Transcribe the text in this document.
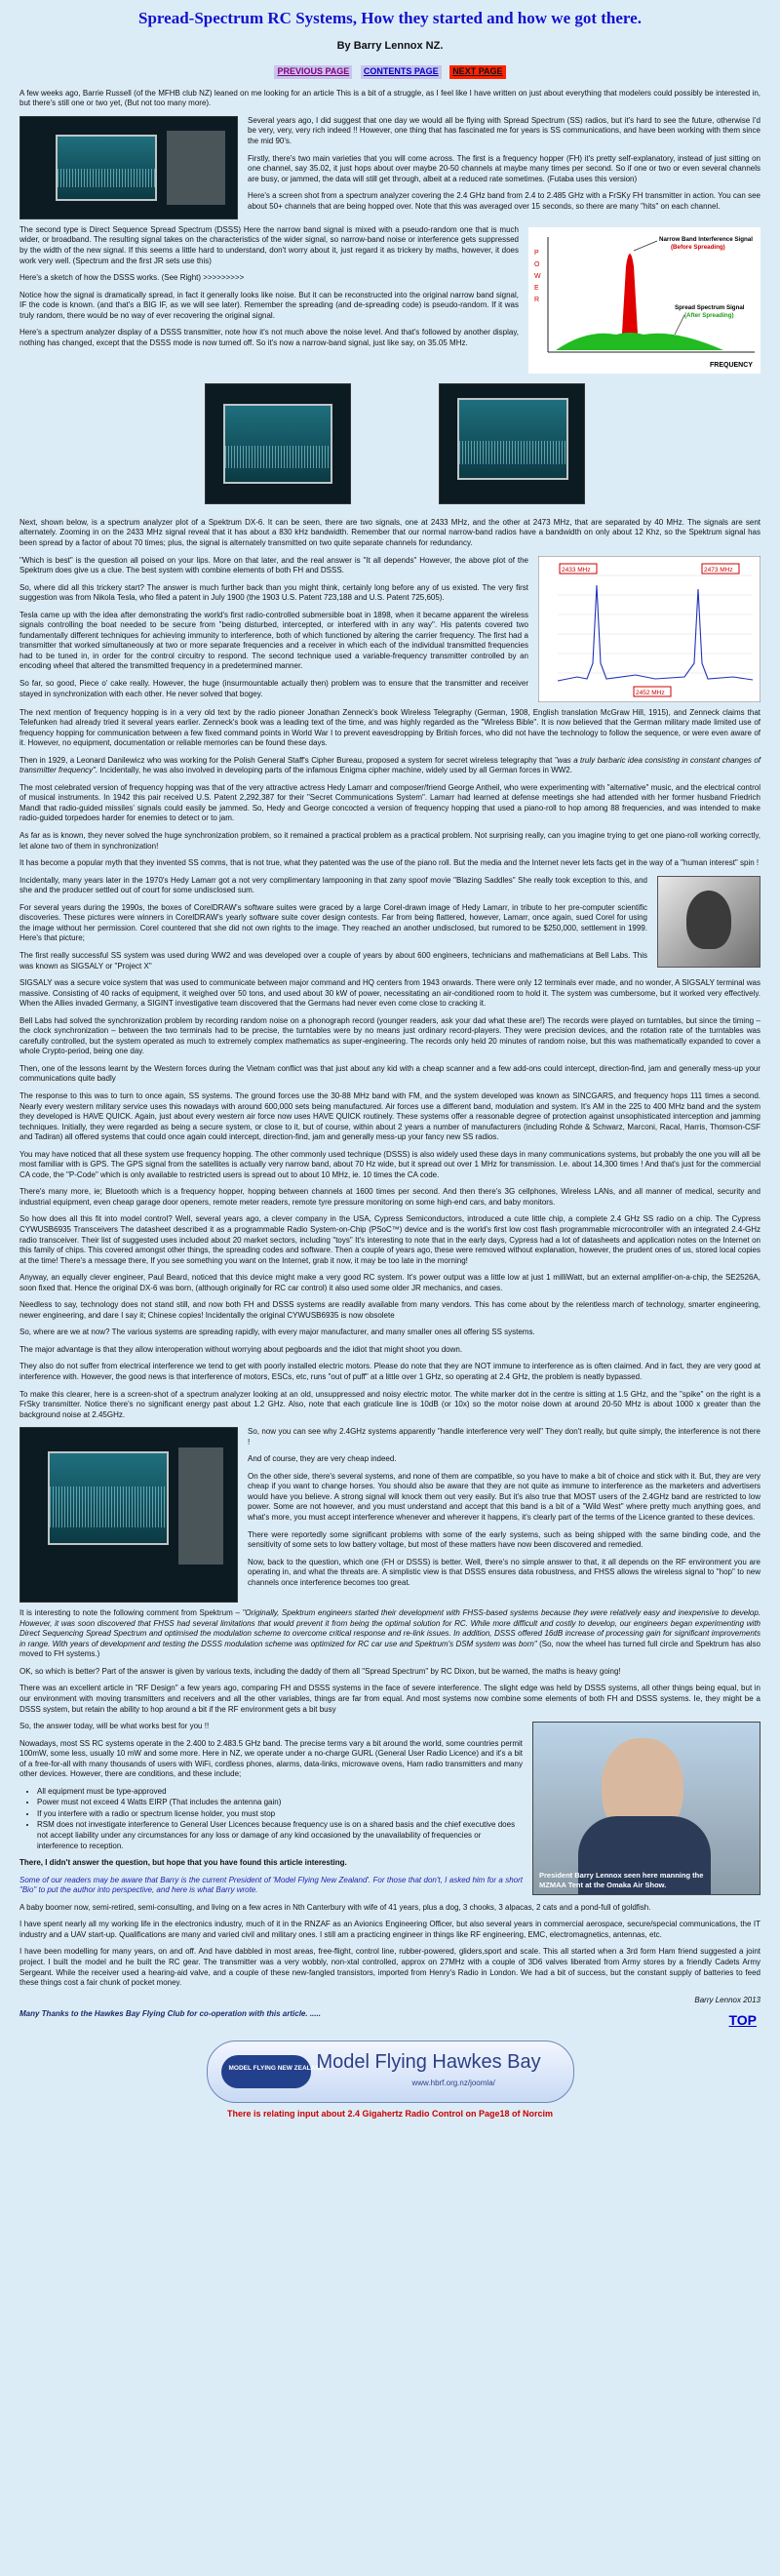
Spread-Spectrum RC Systems, How they started and how we got there.
By Barry Lennox NZ.
PREVIOUS PAGE CONTENTS PAGE NEXT PAGE

A few weeks ago, Barrie Russell (of the MFHB club NZ) leaned on me looking for an article This is a bit of a struggle, as I feel like I have written on just about everything that modelers could possibly be interested in, but there's still one or two yet, (But not too many more).

Several years ago, I did suggest that one day we would all be flying with Spread Spectrum (SS) radios, but it's hard to see the future, otherwise I'd be very, very, very rich indeed !! However, one thing that has fascinated me for years is SS communications, and have been working with them since the mid 90's.

Firstly, there's two main varieties that you will come across. The first is a frequency hopper (FH) it's pretty self-explanatory, instead of just sitting on one channel, say 35.02, it just hops about over maybe 20-50 channels at maybe many times per second. So if one or two or even several channels are busy, or jammed, the data will still get through, albeit at a reduced rate sometimes. (Futaba uses this version)

Here's a screen shot from a spectrum analyzer covering the 2.4 GHz band from 2.4 to 2.485 GHz with a FrSKy FH transmitter in action. You can see about 50+ channels that are being hopped over. Note that this was averaged over 15 seconds, so there are many "hits" on each channel.

P
O
W
E
R
Narrow Band Interference Signal
(Before Spreading)
Spread Spectrum Signal
(After Spreading)
FREQUENCY

The second type is Direct Sequence Spread Spectrum (DSSS) Here the narrow band signal is mixed with a pseudo-random one that is much wider, or broadband. The resulting signal takes on the characteristics of the wider signal, so narrow-band noise or interference gets suppressed by the width of the new signal. If this seems a little hard to understand, don't worry about it, just regard it as trickery by maths, however, it does work very well. (Spectrum and the first JR sets use this)

Here's a sketch of how the DSSS works. (See Right) >>>>>>>>>

Notice how the signal is dramatically spread, in fact it generally looks like noise. But it can be reconstructed into the original narrow band signal, IF the code is known. (and that's a BIG IF, as we will see later). Remember the spreading (and de-spreading code) is pseudo-random. If it was truly random, there would be no way of ever recovering the original signal.

Here's a spectrum analyzer display of a DSSS transmitter, note how it's not much above the noise level. And that's followed by another display, nothing has changed, except that the DSSS mode is now turned off. So it's now a narrow-band signal, just like say, on 35.05 MHz.

Next, shown below, is a spectrum analyzer plot of a Spektrum DX-6. It can be seen, there are two signals, one at 2433 MHz, and the other at 2473 MHz, that are separated by 40 MHz. The signals are sent alternately. Zooming in on the 2433 MHz signal reveal that it has about a 830 kHz bandwidth. Remember that our normal narrow-band radios have a bandwidth on only about 12 Khz, so the Spektrum signal has been spread by a factor of about 70 times; plus, the signal is alternately transmitted on two quite separate channels for redundancy.

2433 MHz	2473 MHz
2452 MHz

"Which is best" is the question all poised on your lips. More on that later, and the real answer is "It all depends" However, the above plot of the Spektrum does give us a clue. The best system with combine elements of both FH and DSSS.

So, where did all this trickery start? The answer is much further back than you might think, certainly long before any of us existed. The very first suggestion was from Nikola Tesla, who filed a patent in July 1900 (the 1903 U.S. Patent 723,188 and U.S. Patent 725,605).

Tesla came up with the idea after demonstrating the world's first radio-controlled submersible boat in 1898, when it became apparent the wireless signals controlling the boat needed to be secure from "being disturbed, intercepted, or interfered with in any way". His patents covered two fundamentally different techniques for achieving immunity to interference, both of which functioned by altering the carrier frequency. The first had a transmitter that worked simultaneously at two or more separate frequencies and a receiver in which each of the individual transmitted frequencies had to be tuned in, in order for the control circuitry to respond. The second technique used a variable-frequency transmitter controlled by an encoding wheel that altered the transmitted frequency in a predetermined manner.

So far, so good, Piece o' cake really. However, the huge (insurmountable actually then) problem was to ensure that the transmitter and receiver stayed in synchronization with each other. He never solved that bogey.

The next mention of frequency hopping is in a very old text by the radio pioneer Jonathan Zenneck's book Wireless Telegraphy (German, 1908, English translation McGraw Hill, 1915), and Zenneck claims that Telefunken had already tried it several years earlier. Zenneck's book was a leading text of the time, and was highly regarded as the "Wireless Bible". It is now believed that the German military made limited use of frequency hopping for communication between a few fixed command points in World War I to prevent eavesdropping by British forces, who did not have the technology to follow the sequence, or were even aware of it. However, no equipment, documentation or reliable memories can be found these days.

Then in 1929, a Leonard Danilewicz who was working for the Polish General Staff's Cipher Bureau, proposed a system for secret wireless telegraphy that "was a truly barbaric idea consisting in constant changes of transmitter frequency". Incidentally, he was also involved in developing parts of the infamous Enigma cipher machine, widely used by all German forces in WW2.

The most celebrated version of frequency hopping was that of the very attractive actress Hedy Lamarr and composer/friend George Antheil, who were experimenting with "alternative" music, and the electrical control of musical instruments. In 1942 this pair received U.S. Patent 2,292,387 for their "Secret Communications System". Lamarr had learned at defense meetings she had attended with her former husband Friedrich Mandl that radio-guided missiles' signals could easily be jammed. So, Hedy and George concocted a version of frequency hopping that used a piano-roll to hop among 88 frequencies, and was intended to make radio-guided torpedoes harder for enemies to detect or to jam.

As far as is known, they never solved the huge synchronization problem, so it remained a practical problem as a practical problem. Not surprising really, can you imagine trying to get one piano-roll working correctly, let alone two of them in synchronization!

It has become a popular myth that they invented SS comms, that is not true, what they patented was the use of the piano roll. But the media and the Internet never lets facts get in the way of a "human interest" spin !

Incidentally, many years later in the 1970's Hedy Lamarr got a not very complimentary lampooning in that zany spoof movie "Blazing Saddles" She really took exception to this, and she and the producer settled out of court for some undisclosed sum.

For several years during the 1990s, the boxes of CorelDRAW's software suites were graced by a large Corel-drawn image of Hedy Lamarr, in tribute to her pre-computer scientific discoveries. These pictures were winners in CorelDRAW's yearly software suite cover design contests. Far from being flattered, however, Lamarr, once again, sued Corel for using the image without her permission. Corel countered that she did not own rights to the image. They reached an another undisclosed, but rumored to be $250,000, settlement in 1999. Here's that picture;

The first really successful SS system was used during WW2 and was developed over a couple of years by about 600 engineers, technicians and mathematicians at Bell Labs. This was known as SIGSALY or "Project X"

SIGSALY was a secure voice system that was used to communicate between major command and HQ centers from 1943 onwards. There were only 12 terminals ever made, and no wonder, A SIGSALY terminal was massive. Consisting of 40 racks of equipment, it weighed over 50 tons, and used about 30 kW of power, necessitating an air-conditioned room to hold it. The system was cumbersome, but it worked very effectively. When the Allies invaded Germany, a SIGINT investigative team discovered that the Germans had never even come close to cracking it.

Bell Labs had solved the synchronization problem by recording random noise on a phonograph record (younger readers, ask your dad what these are!) The records were played on turntables, but since the timing – the clock synchronization – between the two terminals had to be precise, the turntables were by no means just ordinary record-players. They were precision devices, and the rotation rate of the turntables was carefully controlled, but the system operated as much to extremely complex mathematics as super-engineering. The records only held 20 minutes of random noise, but this was mathematically expanded to cover a whole Crypto-period, being one day.

Then, one of the lessons learnt by the Western forces during the Vietnam conflict was that just about any kid with a cheap scanner and a few add-ons could intercept, direction-find, jam and generally mess-up your communications quite badly

The response to this was to turn to once again, SS systems. The ground forces use the 30-88 MHz band with FM, and the system developed was known as SINCGARS, and frequency hops 111 times a second. Nearly every western military service uses this nowadays with around 600,000 sets being manufactured. Air forces use a different band, modulation and system. It's AM in the 225 to 400 MHz band and the system they developed is HAVE QUICK. Again, just about every western air force now uses HAVE QUICK routinely. These systems offer a reasonable degree of protection against unsophisticated interception and jamming techniques. Initially, they were regarded as being a secure system, or close to it, but of course, within about 2 years a number of manufacturers (including Rohde & Schwarz, Marconi, Racal, Harris, Thomson-CSF and Tadiran) all offered systems that could once again could intercept, direction-find, jam and generally mess-up your fancy new SS radios.

You may have noticed that all these system use frequency hopping. The other commonly used technique (DSSS) is also widely used these days in many communications systems, but probably the one you will all be most familiar with is GPS. The GPS signal from the satellites is actually very narrow band, about 70 Hz wide, but it spread out over 1 MHz for transmission. I.e. about 14,300 times ! And that's just for the commercial CA code, the "P-Code" which is only available to restricted users is spread out to about 10 MHz, ie. 10 times the CA code.

There's many more, ie; Bluetooth which is a frequency hopper, hopping between channels at 1600 times per second. And then there's 3G cellphones, Wireless LANs, and all manner of medical, security and industrial equipment, even cheap garage door openers, remote meter readers, remote tyre pressure monitoring on some high-end cars, and baby monitors.

So how does all this fit into model control? Well, several years ago, a clever company in the USA, Cypress Semiconductors, introduced a cute little chip, a complete 2.4 GHz SS radio on a chip. The Cypress CYWUSB6935 Transceivers The datasheet described it as a programmable Radio System-on-Chip (PSoC™) device and is the world's first low cost flash programmable microcontroller with an integrated 2.4-GHz radio transceiver. Their list of suggested uses included about 20 market sectors, including "toys" It's interesting to note that in the early days, Cypress had a lot of datasheets and application notes on the Internet on this family of chips. This covered amongst other things, the spreading codes and software. Then a couple of years ago, these were removed without explanation, however, the prudent ones of us, stored local copies at the time! There's a message there, If you see something you want on the Internet, grab it now, it may be too late in the morning!

Anyway, an equally clever engineer, Paul Beard, noticed that this device might make a very good RC system. It's power output was a little low at just 1 milliWatt, but an external amplifier-on-a-chip, the SE2526A, soon fixed that. Hence the original DX-6 was born, (although originally for RC car control) it also used some older JR mechanics, and cases.

Needless to say, technology does not stand still, and now both FH and DSSS systems are readily available from many vendors. This has come about by the relentless march of technology, smarter engineering, newer engineering, and dare I say it; Chinese copies! Incidentally the original CYWUSB6935 is now obsolete

So, where are we at now? The various systems are spreading rapidly, with every major manufacturer, and many smaller ones all offering SS systems.

The major advantage is that they allow interoperation without worrying about pegboards and the idiot that might shoot you down.

They also do not suffer from electrical interference we tend to get with poorly installed electric motors. Please do note that they are NOT immune to interference as is often claimed. And in fact, they are very good at interference with. However, the good news is that interference of motors, ESCs, etc, runs "out of puff" at a little over 1 GHz, so operating at 2.4 GHz, the problem is neatly bypassed.

To make this clearer, here is a screen-shot of a spectrum analyzer looking at an old, unsuppressed and noisy electric motor. The white marker dot in the centre is sitting at 1.5 GHz, and the "spike" on the right is a FrSky transmitter. Notice there's no significant energy past about 1.2 GHz. Also, note that each graticule line is 10dB (or 10x) so the motor noise down at around 20-50 MHz is about 1000 x greater than the background noise at 2.45GHz.

So, now you can see why 2.4GHz systems apparently "handle interference very well" They don't really, but quite simply, the interference is not there !

And of course, they are very cheap indeed.

On the other side, there's several systems, and none of them are compatible, so you have to make a bit of choice and stick with it. But, they are very cheap if you want to change horses. You should also be aware that they are not quite as immune to interference as the marketers and advertisers would have you believe. A strong signal will knock them out very easily. But it's also true that MOST users of the 2.4GHz band are restricted to low power. Some are not however, and you must understand and accept that this band is a bit of a "Wild West" where pretty much anything goes, and what's more, you must accept interference whenever and wherever it happens, it's clearly part of the terms of the Licence granted to these devices.

There were reportedly some significant problems with some of the early systems, such as being shipped with the same binding code, and the sensitivity of some sets to low battery voltage, but most of these matters have now been discovered and remedied.

Now, back to the question, which one (FH or DSSS) is better. Well, there's no simple answer to that, it all depends on the RF environment you are operating in, and what the threats are. A simplistic view is that DSSS ensures data robustness, and FHSS allows the wireless signal to "hop" to new channels once interference becomes too great.

It is interesting to note the following comment from Spektrum – "Originally, Spektrum engineers started their development with FHSS-based systems because they were relatively easy and inexpensive to develop. However, it was soon discovered that FHSS had several limitations that would prevent it from being the optimal solution for RC. While more difficult and costly to develop, our engineers began experimenting with Direct Sequencing Spread Spectrum and optimised the modulation scheme to overcome critical response and re-link issues. In addition, DSSS offered 16dB increase of processing gain for significant improvements in range. With years of development and testing the DSSS modulation scheme was optimized for RC car use and Spektrum's DSM system was born" (So, now the wheel has turned full circle and Spektrum has also moved to FH systems.)

OK, so which is better? Part of the answer is given by various texts, including the daddy of them all "Spread Spectrum" by RC Dixon, but be warned, the maths is heavy going!

There was an excellent article in "RF Design" a few years ago, comparing FH and DSSS systems in the face of severe interference. The slight edge was held by DSSS systems, all other things being equal, but in our environment with moving transmitters and receivers and all the other variables, things are far from equal. And most systems now combine some elements of both FH and DSSS systems. Ie, they might be a DSSS system, but retain the ability to hop around a bit if the RF environment gets a bit busy

President Barry Lennox seen here manning the
MZMAA Tent at the Omaka Air Show.

So, the answer today, will be what works best for you !!

Nowadays, most SS RC systems operate in the 2.400 to 2.483.5 GHz band. The precise terms vary a bit around the world, some countries permit 100mW, some less, usually 10 mW and some more. Here in NZ, we operate under a no-charge GURL (General User Radio Licence) and it's a bit of a free-for-all with many thousands of users with WiFi, cordless phones, alarms, data-links, microwave ovens, Ham radio transmitters and many other devices. However, there are conditions, and these include;

• All equipment must be type-approved
• Power must not exceed 4 Watts EIRP (That includes the antenna gain)
• If you interfere with a radio or spectrum license holder, you must stop
• RSM does not investigate interference to General User Licences because frequency use is on a shared basis and the chief executive does not accept liability under any circumstances for any loss or damage of any kind occasioned by the unavailability of frequencies or interference to reception.

There, I didn't answer the question, but hope that you have found this article interesting.

Some of our readers may be aware that Barry is the current President of 'Model Flying New Zealand'. For those that don't, I asked him for a short "Bio" to put the author into perspective, and here is what Barry wrote.

A baby boomer now, semi-retired, semi-consulting, and living on a few acres in Nth Canterbury with wife of 41 years, plus a dog, 3 chooks, 3 alpacas, 2 cats and a pond-full of goldfish.

I have spent nearly all my working life in the electronics industry, much of it in the RNZAF as an Avionics Engineering Officer, but also several years in commercial aerospace, secure/special communications, the IT industry and a UAV start-up. Qualifications are many and varied civil and military ones. I still am a practicing engineer in things like RF engineering, EMC, electromagnetics, antennas, etc.

I have been modelling for many years, on and off. And have dabbled in most areas, free-flight, control line, rubber-powered, gliders,sport and scale. This all started when a 3rd form Ham friend suggested a joint project. I built the model and he built the RC gear. The transmitter was a very wobbly, non-xtal controlled, approx on 27MHz with a couple of 3D6 valves liberated from Army stores by a friendly Cadets Army Sergeant. While the receiver used a hearing-aid valve, and a couple of these new-fangled transistors, imported from Henry's Radio in London. We had a bit of success, but the constant supply of batteries to feed these things cost a fair chunk of pocket money.

Barry Lennox 2013
Many Thanks to the Hawkes Bay Flying Club for co-operation with this article. .....	TOP
MODEL FLYING NEW ZEALAND
Model Flying Hawkes Bay
www.hbrf.org.nz/joomla/
There is relating input about 2.4 Gigahertz Radio Control on Page18 of Norcim
